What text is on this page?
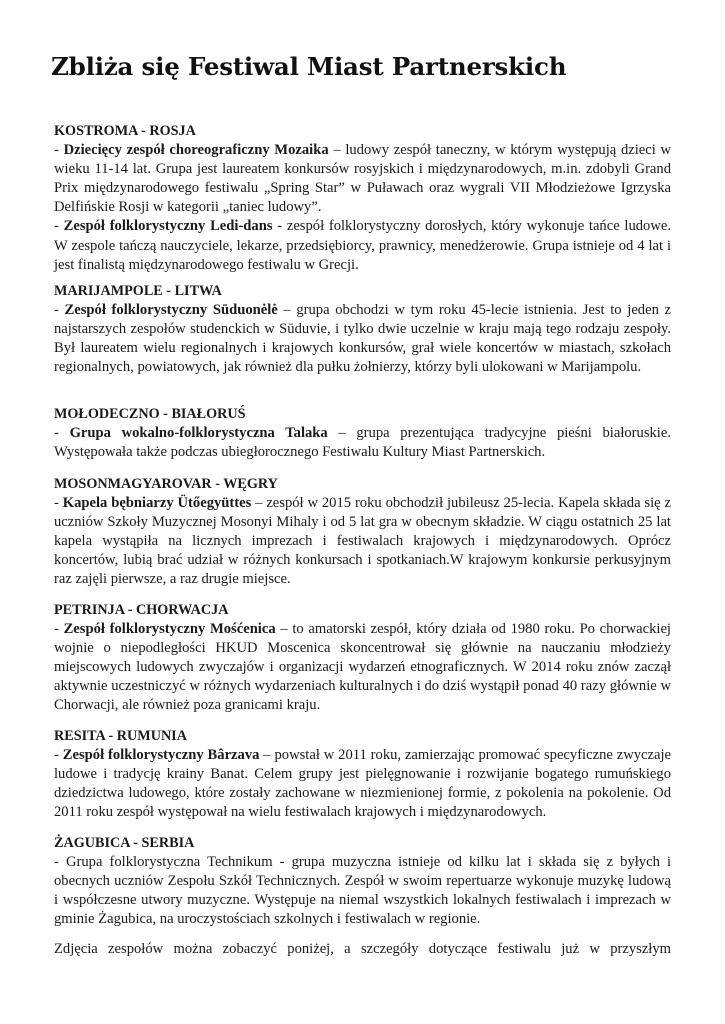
Zbliża się Festiwal Miast Partnerskich

KOSTROMA - ROSJA

- Dziecięcy zespół choreograficzny Mozaika – ludowy zespół taneczny, w którym występują dzieci w wieku 11-14 lat. Grupa jest laureatem konkursów rosyjskich i międzynarodowych, m.in. zdobyli Grand Prix międzynarodowego festiwalu „Spring Star” w Puławach oraz wygrali VII Młodzieżowe Igrzyska Delfińskie Rosji w kategorii „taniec ludowy”.

- Zespół folklorystyczny Ledi-dans - zespół folklorystyczny dorosłych, który wykonuje tańce ludowe. W zespole tańczą nauczyciele, lekarze, przedsiębiorcy, prawnicy, menedżerowie. Grupa istnieje od 4 lat i jest finalistą międzynarodowego festiwalu w Grecji.

MARIJAMPOLE - LITWA

- Zespół folklorystyczny Sūduonėlė – grupa obchodzi w tym roku 45-lecie istnienia. Jest to jeden z najstarszych zespołów studenckich w Sūduvie, i tylko dwie uczelnie w kraju mają tego rodzaju zespoły. Był laureatem wielu regionalnych i krajowych konkursów, grał wiele koncertów w miastach, szkołach regionalnych, powiatowych, jak również dla pułku żołnierzy, którzy byli ulokowani w Marijampolu.

MOŁODECZNO - BIAŁORUŚ

- Grupa wokalno-folklorystyczna Talaka – grupa prezentująca tradycyjne pieśni białoruskie. Występowała także podczas ubiegłorocznego Festiwalu Kultury Miast Partnerskich.

MOSONMAGYAROVAR - WĘGRY

- Kapela bębniarzy Ütőegyüttes – zespół w 2015 roku obchodził jubileusz 25-lecia. Kapela składa się z uczniów Szkoły Muzycznej Mosonyi Mihaly i od 5 lat gra w obecnym składzie. W ciągu ostatnich 25 lat kapela wystąpiła na licznych imprezach i festiwalach krajowych i międzynarodowych. Oprócz koncertów, lubią brać udział w różnych konkursach i spotkaniach.W krajowym konkursie perkusyjnym raz zajęli pierwsze, a raz drugie miejsce.

PETRINJA - CHORWACJA

- Zespół folklorystyczny Mośćenica – to amatorski zespół, który działa od 1980 roku. Po chorwackiej wojnie o niepodległości HKUD Moscenica skoncentrował się głównie na nauczaniu młodzieży miejscowych ludowych zwyczajów i organizacji wydarzeń etnograficznych. W 2014 roku znów zaczął aktywnie uczestniczyć w różnych wydarzeniach kulturalnych i do dziś wystąpił ponad 40 razy głównie w Chorwacji, ale również poza granicami kraju.

RESITA - RUMUNIA

- Zespół folklorystyczny Bârzava – powstał w 2011 roku, zamierzając promować specyficzne zwyczaje ludowe i tradycję krainy Banat. Celem grupy jest pielęgnowanie i rozwijanie bogatego rumuńskiego dziedzictwa ludowego, które zostały zachowane w niezmienionej formie, z pokolenia na pokolenie. Od 2011 roku zespół występował na wielu festiwalach krajowych i międzynarodowych.

ŻAGUBICA - SERBIA

- Grupa folklorystyczna Technikum - grupa muzyczna istnieje od kilku lat i składa się z byłych i obecnych uczniów Zespołu Szkół Technicznych. Zespół w swoim repertuarze wykonuje muzykę ludową i współczesne utwory muzyczne. Występuje na niemal wszystkich lokalnych festiwalach i imprezach w gminie Żagubica, na uroczystościach szkolnych i festiwalach w regionie.

Zdjęcia zespołów można zobaczyć poniżej, a szczegóły dotyczące festiwalu już w przyszłym
